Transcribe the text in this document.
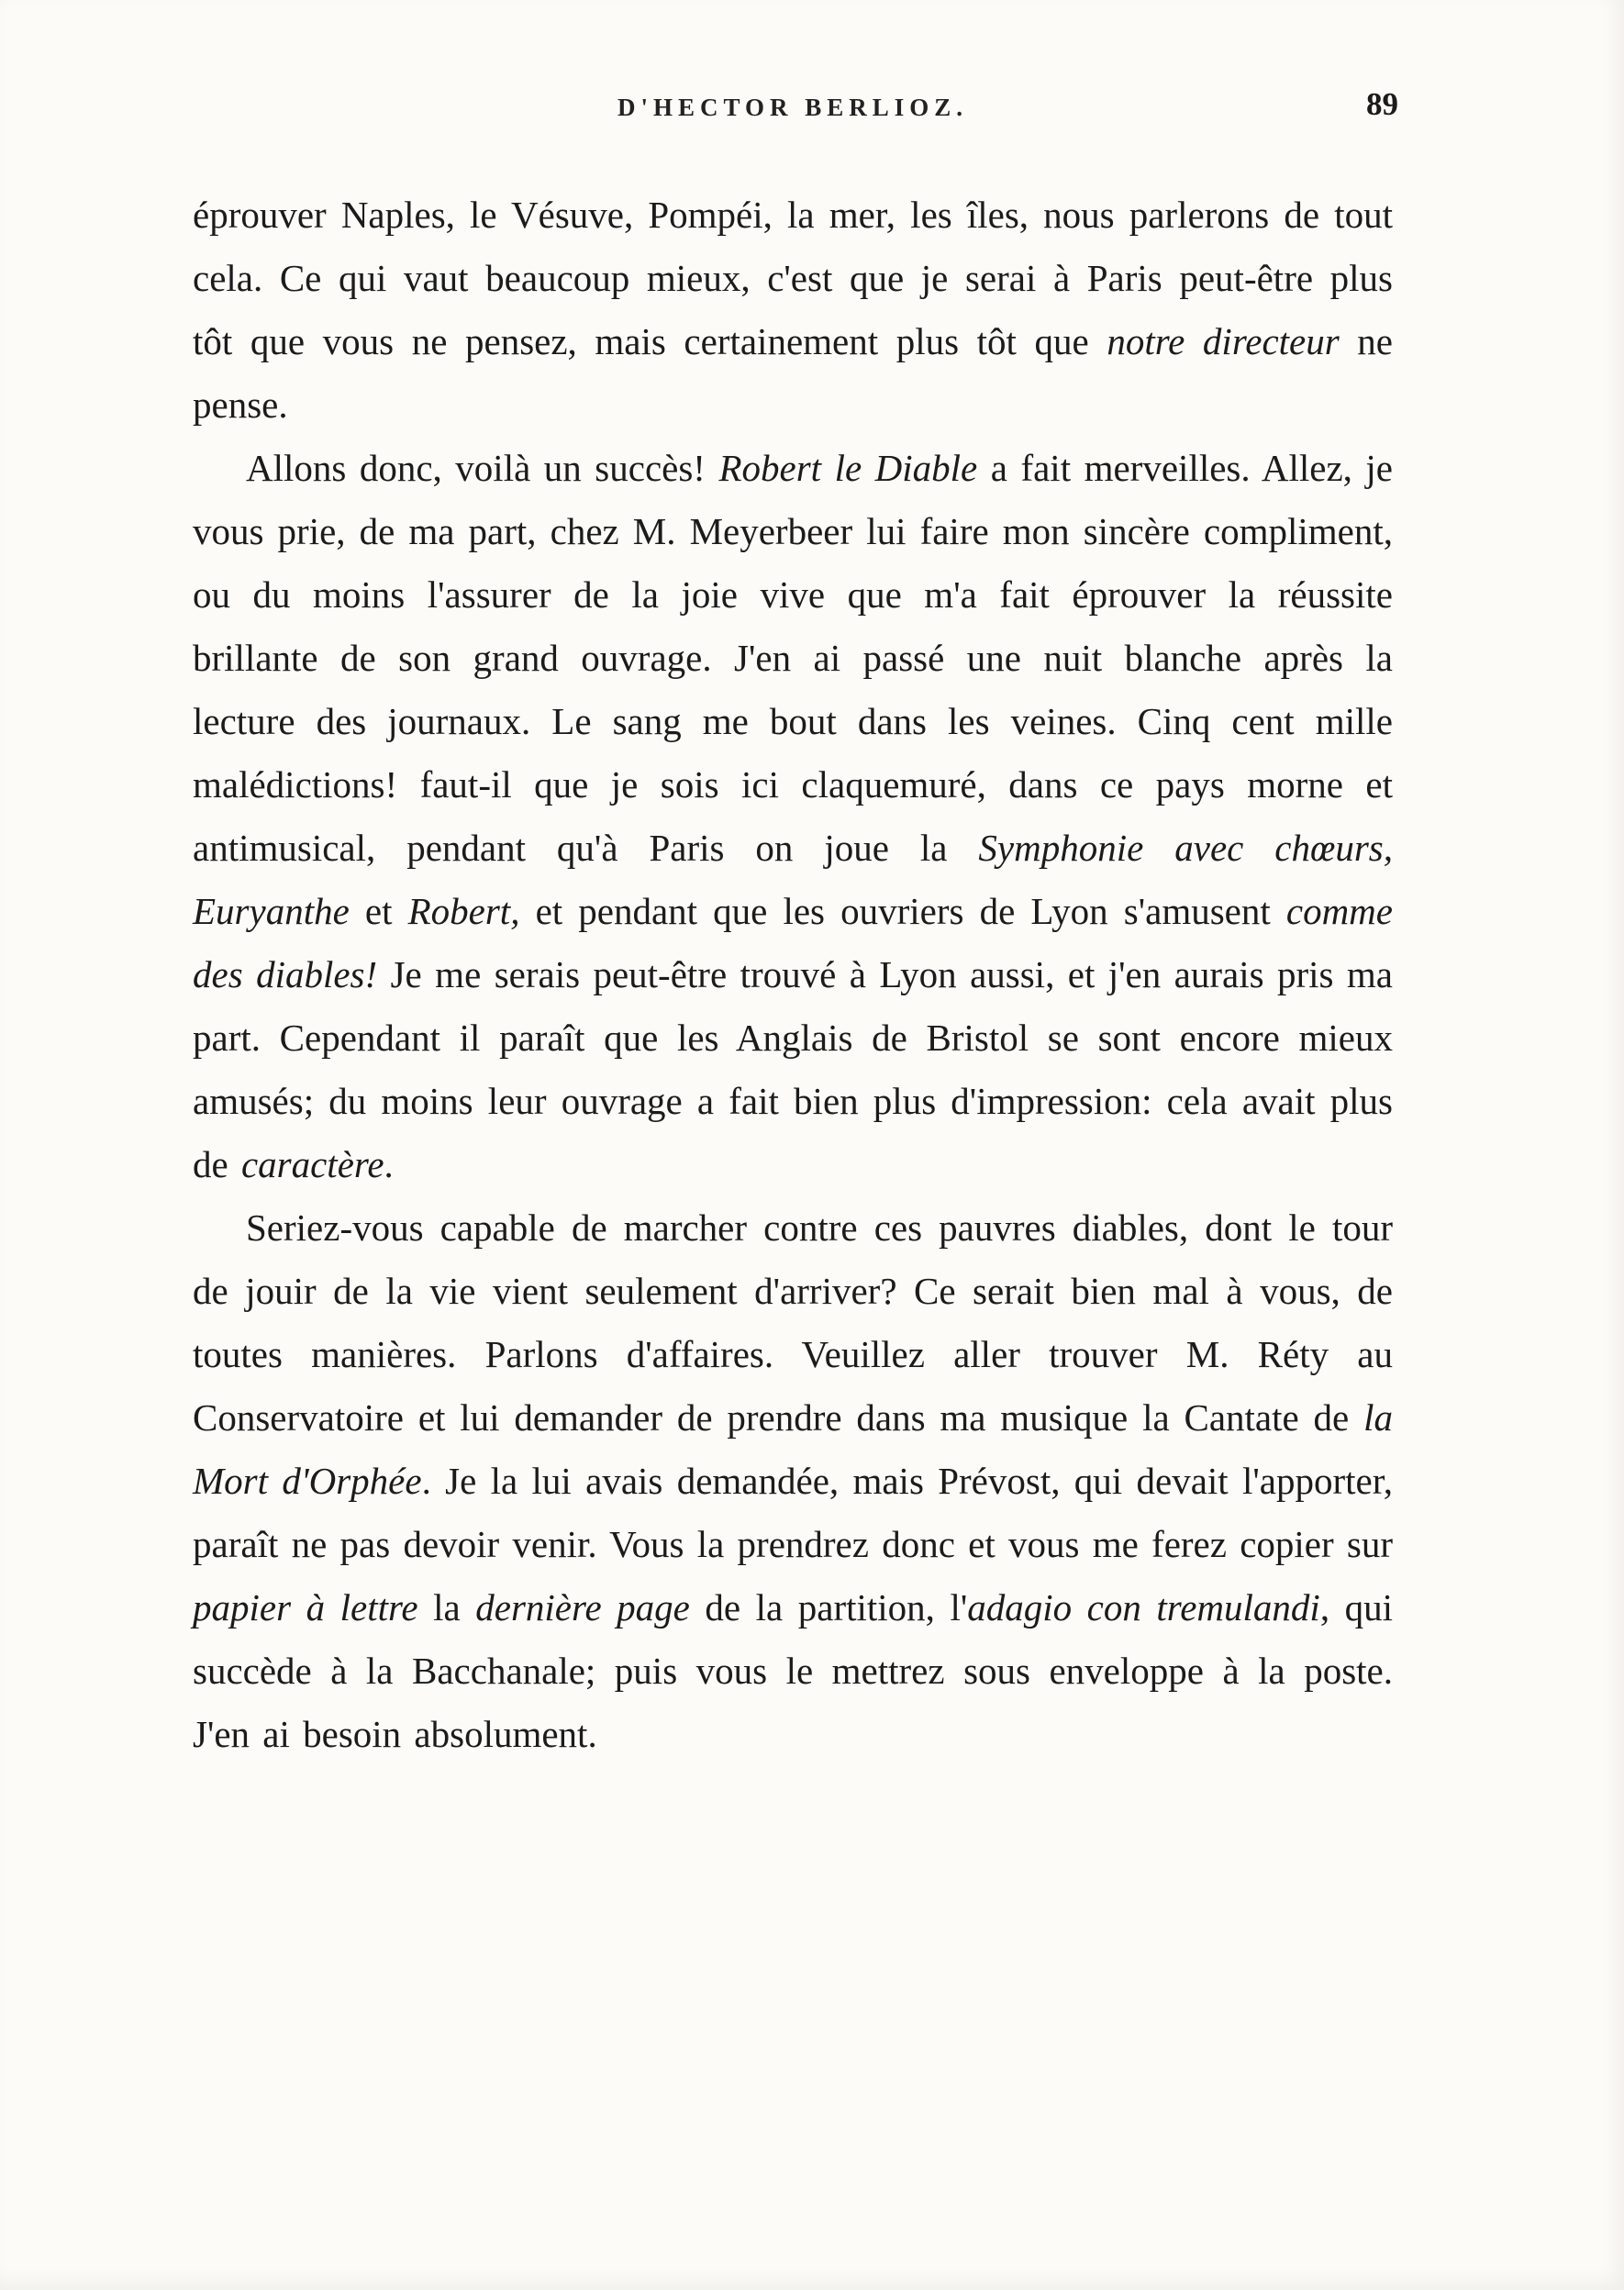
D'HECTOR BERLIOZ.	89

éprouver Naples, le Vésuve, Pompéi, la mer, les îles, nous parlerons de tout cela. Ce qui vaut beaucoup mieux, c'est que je serai à Paris peut-être plus tôt que vous ne pensez, mais certainement plus tôt que notre directeur ne pense.

Allons donc, voilà un succès! Robert le Diable a fait merveilles. Allez, je vous prie, de ma part, chez M. Meyerbeer lui faire mon sincère compliment, ou du moins l'assurer de la joie vive que m'a fait éprouver la réussite brillante de son grand ouvrage. J'en ai passé une nuit blanche après la lecture des journaux. Le sang me bout dans les veines. Cinq cent mille malédictions! faut-il que je sois ici claquemuré, dans ce pays morne et antimusical, pendant qu'à Paris on joue la Symphonie avec chœurs, Euryanthe et Robert, et pendant que les ouvriers de Lyon s'amusent comme des diables! Je me serais peut-être trouvé à Lyon aussi, et j'en aurais pris ma part. Cependant il paraît que les Anglais de Bristol se sont encore mieux amusés; du moins leur ouvrage a fait bien plus d'impression: cela avait plus de caractère.

Seriez-vous capable de marcher contre ces pauvres diables, dont le tour de jouir de la vie vient seulement d'arriver? Ce serait bien mal à vous, de toutes manières. Parlons d'affaires. Veuillez aller trouver M. Réty au Conservatoire et lui demander de prendre dans ma musique la Cantate de la Mort d'Orphée. Je la lui avais demandée, mais Prévost, qui devait l'apporter, paraît ne pas devoir venir. Vous la prendrez donc et vous me ferez copier sur papier à lettre la dernière page de la partition, l'adagio con tremulandi, qui succède à la Bacchanale; puis vous le mettrez sous enveloppe à la poste. J'en ai besoin absolument.
